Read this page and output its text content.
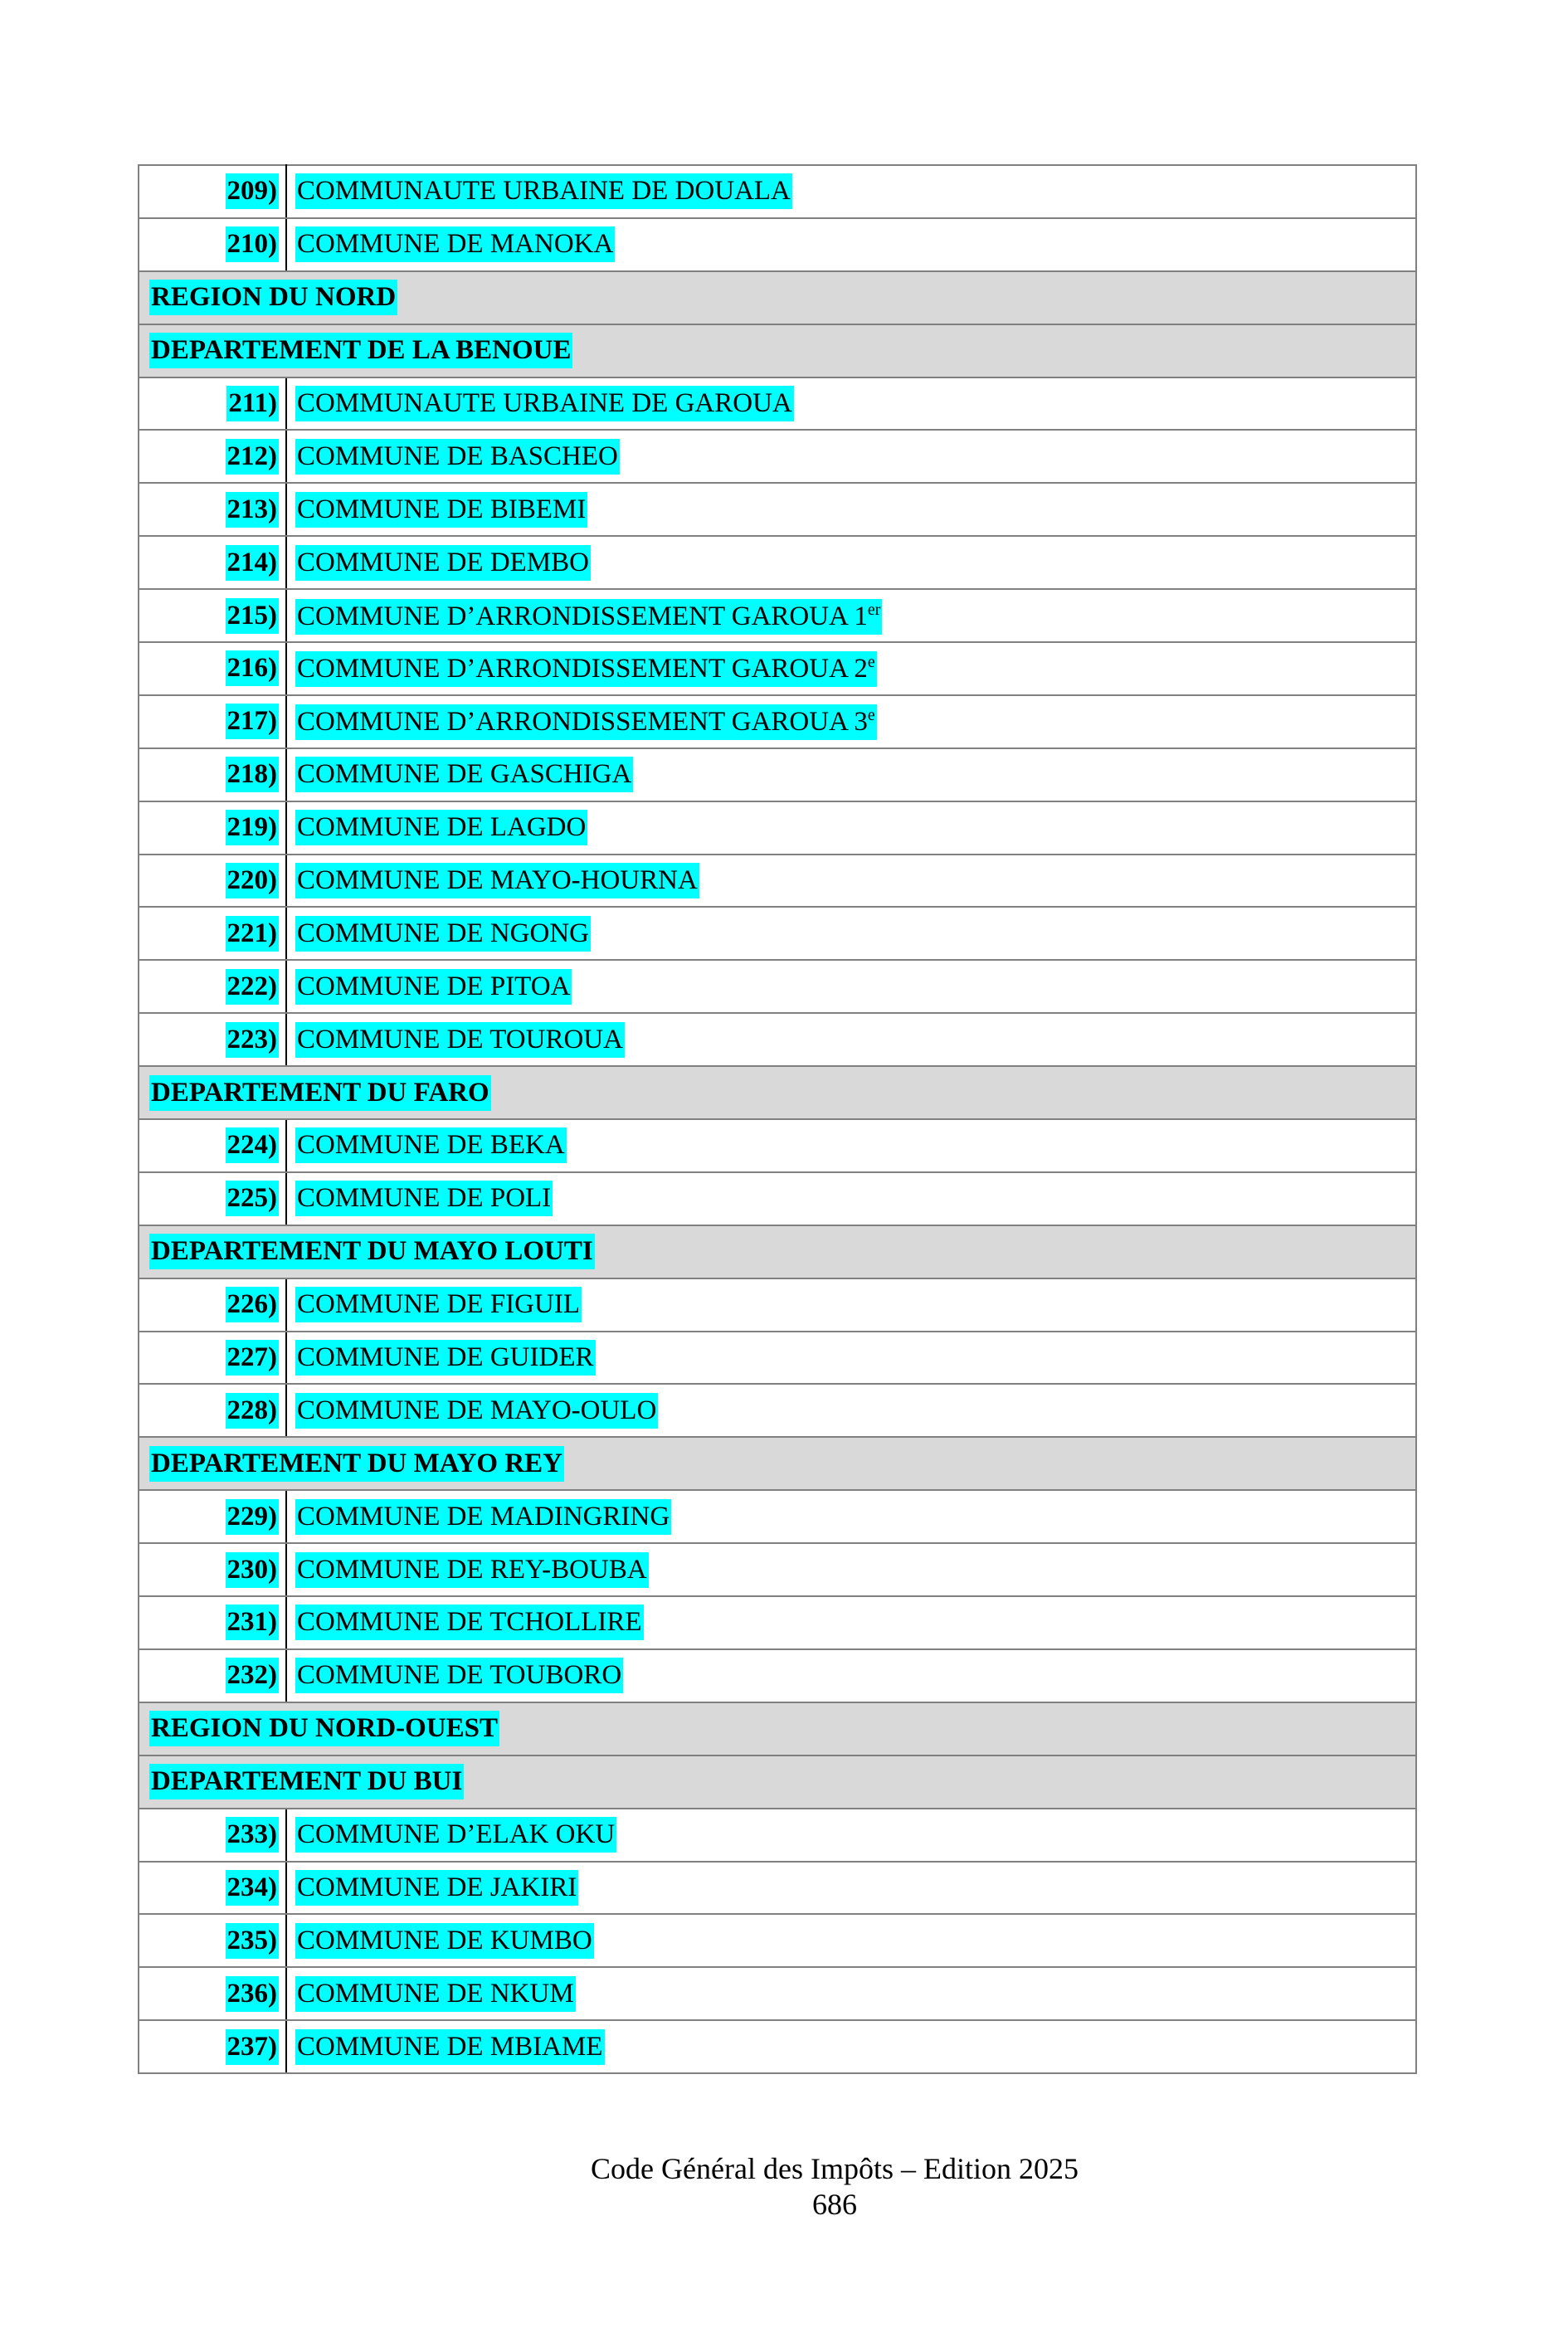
209)	COMMUNAUTE URBAINE DE DOUALA
210)	COMMUNE DE MANOKA
REGION DU NORD	
DEPARTEMENT DE LA BENOUE	
211)	COMMUNAUTE URBAINE DE GAROUA
212)	COMMUNE DE BASCHEO
213)	COMMUNE DE BIBEMI
214)	COMMUNE DE DEMBO
215)	COMMUNE D’ARRONDISSEMENT GAROUA 1er
216)	COMMUNE D’ARRONDISSEMENT GAROUA 2e
217)	COMMUNE D’ARRONDISSEMENT GAROUA 3e
218)	COMMUNE DE GASCHIGA
219)	COMMUNE DE LAGDO
220)	COMMUNE DE MAYO-HOURNA
221)	COMMUNE DE NGONG
222)	COMMUNE DE PITOA
223)	COMMUNE DE TOUROUA
DEPARTEMENT DU FARO	
224)	COMMUNE DE BEKA
225)	COMMUNE DE POLI
DEPARTEMENT DU MAYO LOUTI	
226)	COMMUNE DE FIGUIL
227)	COMMUNE DE GUIDER
228)	COMMUNE DE MAYO-OULO
DEPARTEMENT DU MAYO REY	
229)	COMMUNE DE MADINGRING
230)	COMMUNE DE REY-BOUBA
231)	COMMUNE DE TCHOLLIRE
232)	COMMUNE DE TOUBORO
REGION DU NORD-OUEST	
DEPARTEMENT DU BUI	
233)	COMMUNE D’ELAK OKU
234)	COMMUNE DE JAKIRI
235)	COMMUNE DE KUMBO
236)	COMMUNE DE NKUM
237)	COMMUNE DE MBIAME
Code Général des Impôts – Edition 2025
686
